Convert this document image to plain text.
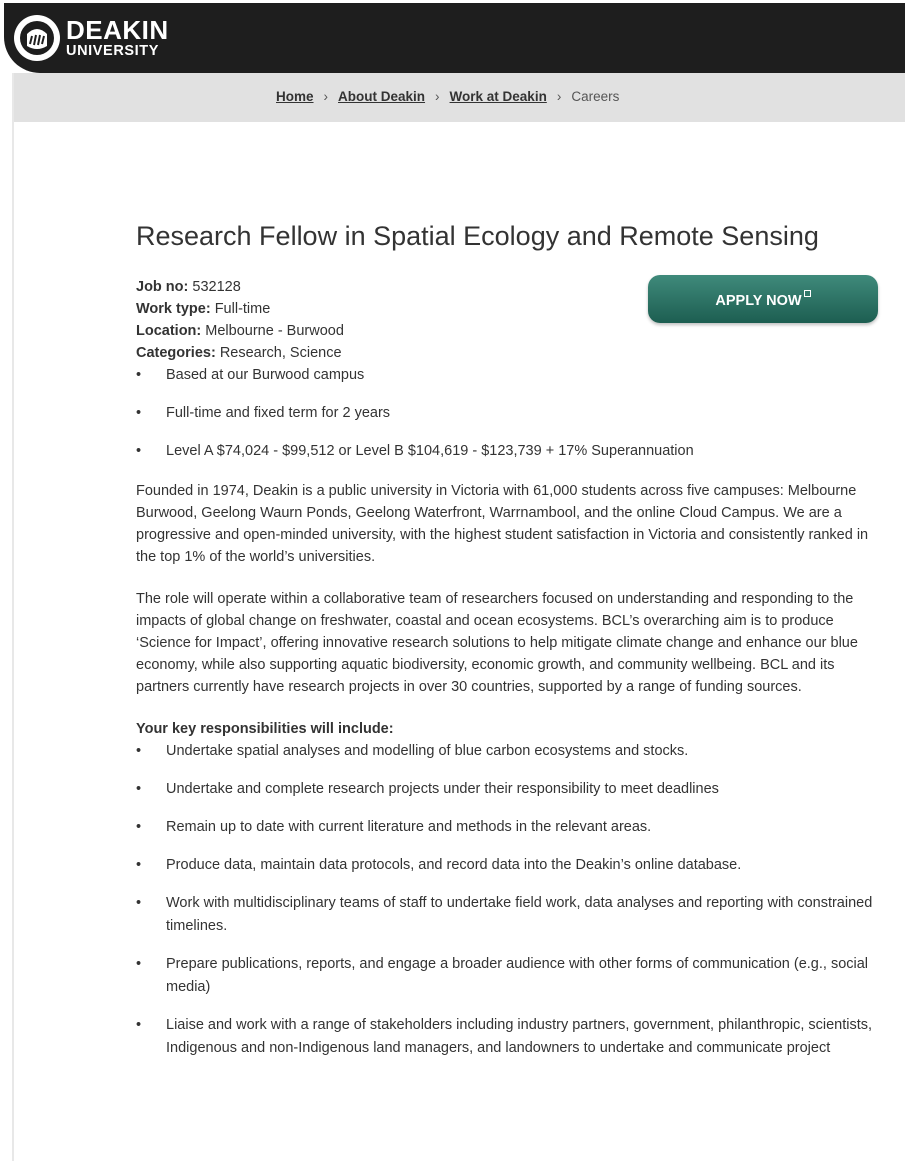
DEAKIN
UNIVERSITY
Home › About Deakin › Work at Deakin › Careers
APPLY NOW
Research Fellow in Spatial Ecology and Remote Sensing
Job no: 532128
Work type: Full-time
Location: Melbourne - Burwood
Categories: Research, Science
• Based at our Burwood campus
• Full-time and fixed term for 2 years
• Level A $74,024 - $99,512 or Level B $104,619 - $123,739 + 17% Superannuation

Founded in 1974, Deakin is a public university in Victoria with 61,000 students across five campuses: Melbourne Burwood, Geelong Waurn Ponds, Geelong Waterfront, Warrnambool, and the online Cloud Campus. We are a progressive and open-minded university, with the highest student satisfaction in Victoria and consistently ranked in the top 1% of the world’s universities.

The role will operate within a collaborative team of researchers focused on understanding and responding to the impacts of global change on freshwater, coastal and ocean ecosystems. BCL’s overarching aim is to produce ‘Science for Impact’, offering innovative research solutions to help mitigate climate change and enhance our blue economy, while also supporting aquatic biodiversity, economic growth, and community wellbeing. BCL and its partners currently have research projects in over 30 countries, supported by a range of funding sources.

Your key responsibilities will include:

• Undertake spatial analyses and modelling of blue carbon ecosystems and stocks.
• Undertake and complete research projects under their responsibility to meet deadlines
• Remain up to date with current literature and methods in the relevant areas.
• Produce data, maintain data protocols, and record data into the Deakin’s online database.
• Work with multidisciplinary teams of staff to undertake field work, data analyses and reporting with constrained timelines.
• Prepare publications, reports, and engage a broader audience with other forms of communication (e.g., social media)
• Liaise and work with a range of stakeholders including industry partners, government, philanthropic, scientists, Indigenous and non-Indigenous land managers, and landowners to undertake and communicate project
